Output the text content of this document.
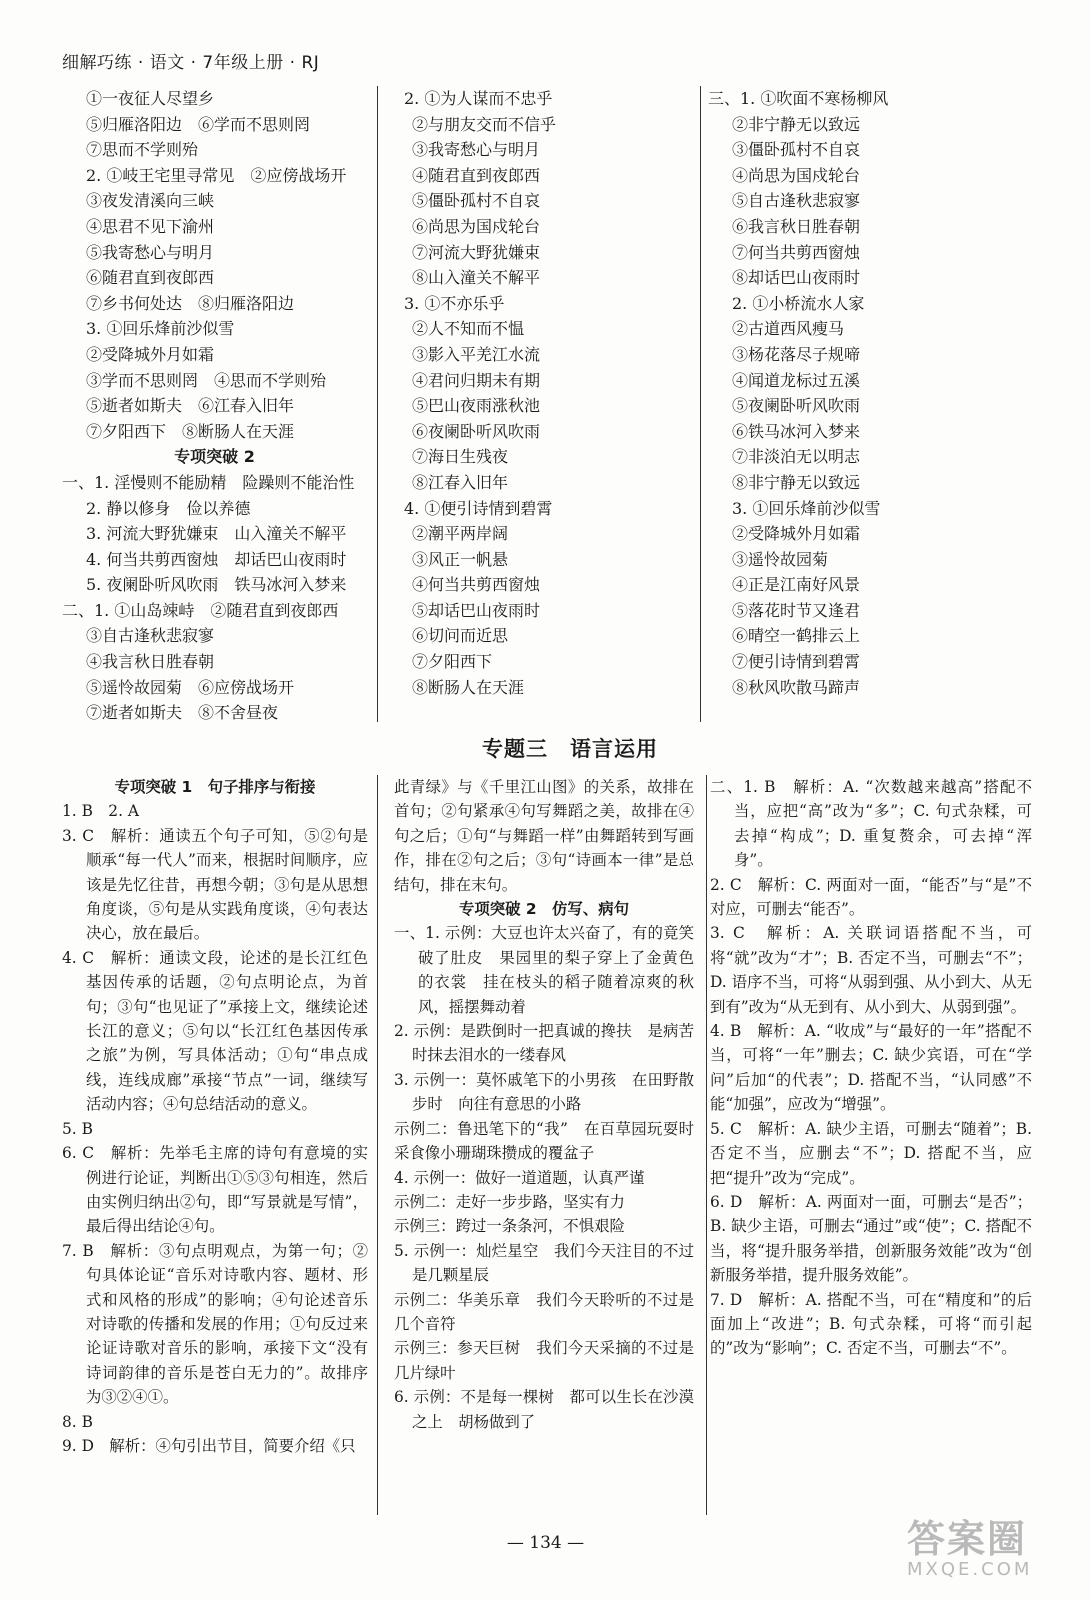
细解巧练 · 语文 · 7年级上册 · RJ
①一夜征人尽望乡
⑤归雁洛阳边　⑥学而不思则罔
⑦思而不学则殆
2. ①岐王宅里寻常见　②应傍战场开
③夜发清溪向三峡
④思君不见下渝州
⑤我寄愁心与明月
⑥随君直到夜郎西
⑦乡书何处达　⑧归雁洛阳边
3. ①回乐烽前沙似雪
②受降城外月如霜
③学而不思则罔　④思而不学则殆
⑤逝者如斯夫　⑥江春入旧年
⑦夕阳西下　⑧断肠人在天涯
专项突破 2
一、1. 淫慢则不能励精　险躁则不能治性
2. 静以修身　俭以养德
3. 河流大野犹嫌束　山入潼关不解平
4. 何当共剪西窗烛　却话巴山夜雨时
5. 夜阑卧听风吹雨　铁马冰河入梦来
二、1. ①山岛竦峙　②随君直到夜郎西
③自古逢秋悲寂寥
④我言秋日胜春朝
⑤遥怜故园菊　⑥应傍战场开
⑦逝者如斯夫　⑧不舍昼夜
2. ①为人谋而不忠乎
②与朋友交而不信乎
③我寄愁心与明月
④随君直到夜郎西
⑤僵卧孤村不自哀
⑥尚思为国戍轮台
⑦河流大野犹嫌束
⑧山入潼关不解平
3. ①不亦乐乎
②人不知而不愠
③影入平羌江水流
④君问归期未有期
⑤巴山夜雨涨秋池
⑥夜阑卧听风吹雨
⑦海日生残夜
⑧江春入旧年
4. ①便引诗情到碧霄
②潮平两岸阔
③风正一帆悬
④何当共剪西窗烛
⑤却话巴山夜雨时
⑥切问而近思
⑦夕阳西下
⑧断肠人在天涯
三、1. ①吹面不寒杨柳风
②非宁静无以致远
③僵卧孤村不自哀
④尚思为国戍轮台
⑤自古逢秋悲寂寥
⑥我言秋日胜春朝
⑦何当共剪西窗烛
⑧却话巴山夜雨时
2. ①小桥流水人家
②古道西风瘦马
③杨花落尽子规啼
④闻道龙标过五溪
⑤夜阑卧听风吹雨
⑥铁马冰河入梦来
⑦非淡泊无以明志
⑧非宁静无以致远
3. ①回乐烽前沙似雪
②受降城外月如霜
③遥怜故园菊
④正是江南好风景
⑤落花时节又逢君
⑥晴空一鹤排云上
⑦便引诗情到碧霄
⑧秋风吹散马蹄声
专题三　语言运用

专项突破 1　句子排序与衔接

1. B　2. A

3. C　解析：通读五个句子可知，⑤②句是顺承“每一代人”而来，根据时间顺序，应该是先忆往昔，再想今朝；③句是从思想角度谈，⑤句是从实践角度谈，④句表达决心，放在最后。

4. C　解析：通读文段，论述的是长江红色基因传承的话题，②句点明论点，为首句；③句“也见证了”承接上文，继续论述长江的意义；⑤句以“长江红色基因传承之旅”为例，写具体活动；①句“串点成线，连线成廊”承接“节点”一词，继续写活动内容；④句总结活动的意义。

5. B

6. C　解析：先举毛主席的诗句有意境的实例进行论证，判断出①⑤③句相连，然后由实例归纳出②句，即“写景就是写情”，最后得出结论④句。

7. B　解析：③句点明观点，为第一句；②句具体论证“音乐对诗歌内容、题材、形式和风格的形成”的影响；④句论述音乐对诗歌的传播和发展的作用；①句反过来论证诗歌对音乐的影响，承接下文“没有诗词韵律的音乐是苍白无力的”。故排序为③②④①。

8. B

9. D　解析：④句引出节目，简要介绍《只

此青绿》与《千里江山图》的关系，故排在首句；②句紧承④句写舞蹈之美，故排在④句之后；①句“与舞蹈一样”由舞蹈转到写画作，排在②句之后；③句“诗画本一律”是总结句，排在末句。

专项突破 2　仿写、病句

一、1. 示例：大豆也许太兴奋了，有的竟笑破了肚皮　果园里的梨子穿上了金黄色的衣裳　挂在枝头的稻子随着凉爽的秋风，摇摆舞动着

2. 示例：是跌倒时一把真诚的搀扶　是病苦时抹去泪水的一缕春风

3. 示例一：莫怀戚笔下的小男孩　在田野散步时　向往有意思的小路

示例二：鲁迅笔下的“我”　在百草园玩耍时　采食像小珊瑚珠攒成的覆盆子

4. 示例一：做好一道道题，认真严谨

示例二：走好一步步路，坚实有力

示例三：跨过一条条河，不惧艰险

5. 示例一：灿烂星空　我们今天注目的不过是几颗星辰

示例二：华美乐章　我们今天聆听的不过是几个音符

示例三：参天巨树　我们今天采摘的不过是几片绿叶

6. 示例：不是每一棵树　都可以生长在沙漠之上　胡杨做到了

二、1. B　解析：A. “次数越来越高”搭配不当，应把“高”改为“多”；C. 句式杂糅，可去掉“构成”；D. 重复赘余，可去掉“浑身”。

2. C　解析：C. 两面对一面，“能否”与“是”不对应，可删去“能否”。

3. C　解析：A. 关联词语搭配不当，可将“就”改为“才”；B. 否定不当，可删去“不”；D. 语序不当，可将“从弱到强、从小到大、从无到有”改为“从无到有、从小到大、从弱到强”。

4. B　解析：A. “收成”与“最好的一年”搭配不当，可将“一年”删去；C. 缺少宾语，可在“学问”后加“的代表”；D. 搭配不当，“认同感”不能“加强”，应改为“增强”。

5. C　解析：A. 缺少主语，可删去“随着”；B. 否定不当，应删去“不”；D. 搭配不当，应把“提升”改为“完成”。

6. D　解析：A. 两面对一面，可删去“是否”；B. 缺少主语，可删去“通过”或“使”；C. 搭配不当，将“提升服务举措，创新服务效能”改为“创新服务举措，提升服务效能”。

7. D　解析：A. 搭配不当，可在“精度和”的后面加上“改进”；B. 句式杂糅，可将“而引起的”改为“影响”；C. 否定不当，可删去“不”。

— 134 —	答案圈
MXQE.COM
